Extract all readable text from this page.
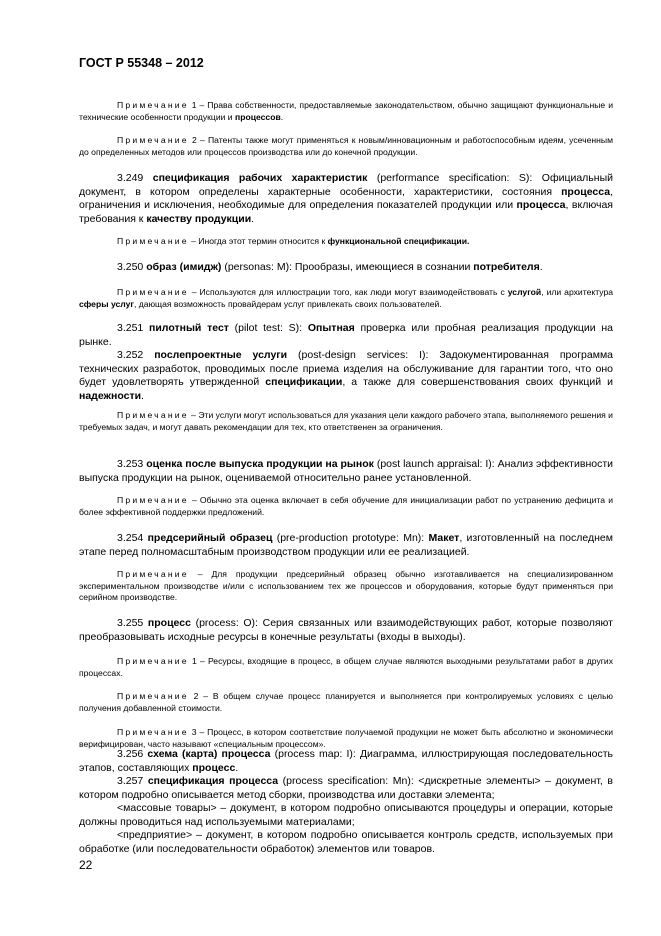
ГОСТ Р 55348 – 2012
Примечание 1 – Права собственности, предоставляемые законодательством, обычно защищают функциональные и технические особенности продукции и процессов.
Примечание 2 – Патенты также могут применяться к новым/инновационным и работоспособным идеям, усеченным до определенных методов или процессов производства или до конечной продукции.
3.249 спецификация рабочих характеристик (performance specification: S): Официальный документ, в котором определены характерные особенности, характеристики, состояния процесса, ограничения и исключения, необходимые для определения показателей продукции или процесса, включая требования к качеству продукции.
Примечание – Иногда этот термин относится к функциональной спецификации.
3.250 образ (имидж) (personas: M): Прообразы, имеющиеся в сознании потребителя.
Примечание – Используются для иллюстрации того, как люди могут взаимодействовать с услугой, или архитектура сферы услуг, дающая возможность провайдерам услуг привлекать своих пользователей.
3.251 пилотный тест (pilot test: S): Опытная проверка или пробная реализация продукции на рынке.
3.252 послепроектные услуги (post-design services: I): Задокументированная программа технических разработок, проводимых после приема изделия на обслуживание для гарантии того, что оно будет удовлетворять утвержденной спецификации, а также для совершенствования своих функций и надежности.
Примечание – Эти услуги могут использоваться для указания цели каждого рабочего этапа, выполняемого решения и требуемых задач, и могут давать рекомендации для тех, кто ответственен за ограничения.
3.253 оценка после выпуска продукции на рынок (post launch appraisal: I): Анализ эффективности выпуска продукции на рынок, оцениваемой относительно ранее установленной.
Примечание – Обычно эта оценка включает в себя обучение для инициализации работ по устранению дефицита и более эффективной поддержки предложений.
3.254 предсерийный образец (pre-production prototype: Mn): Макет, изготовленный на последнем этапе перед полномасштабным производством продукции или ее реализацией.
Примечание – Для продукции предсерийный образец обычно изготавливается на специализированном экспериментальном производстве и/или с использованием тех же процессов и оборудования, которые будут применяться при серийном производстве.
3.255 процесс (process: O): Серия связанных или взаимодействующих работ, которые позволяют преобразовывать исходные ресурсы в конечные результаты (входы в выходы).
Примечание 1 – Ресурсы, входящие в процесс, в общем случае являются выходными результатами работ в других процессах.
Примечание 2 – В общем случае процесс планируется и выполняется при контролируемых условиях с целью получения добавленной стоимости.
Примечание 3 – Процесс, в котором соответствие получаемой продукции не может быть абсолютно и экономически верифицирован, часто называют «специальным процессом».
3.256 схема (карта) процесса (process map: I): Диаграмма, иллюстрирующая последовательность этапов, составляющих процесс.
3.257 спецификация процесса (process specification: Mn): <дискретные элементы> – документ, в котором подробно описывается метод сборки, производства или доставки элемента;
<массовые товары> – документ, в котором подробно описываются процедуры и операции, которые должны проводиться над используемыми материалами;
<предприятие> – документ, в котором подробно описывается контроль средств, используемых при обработке (или последовательности обработок) элементов или товаров.
22
